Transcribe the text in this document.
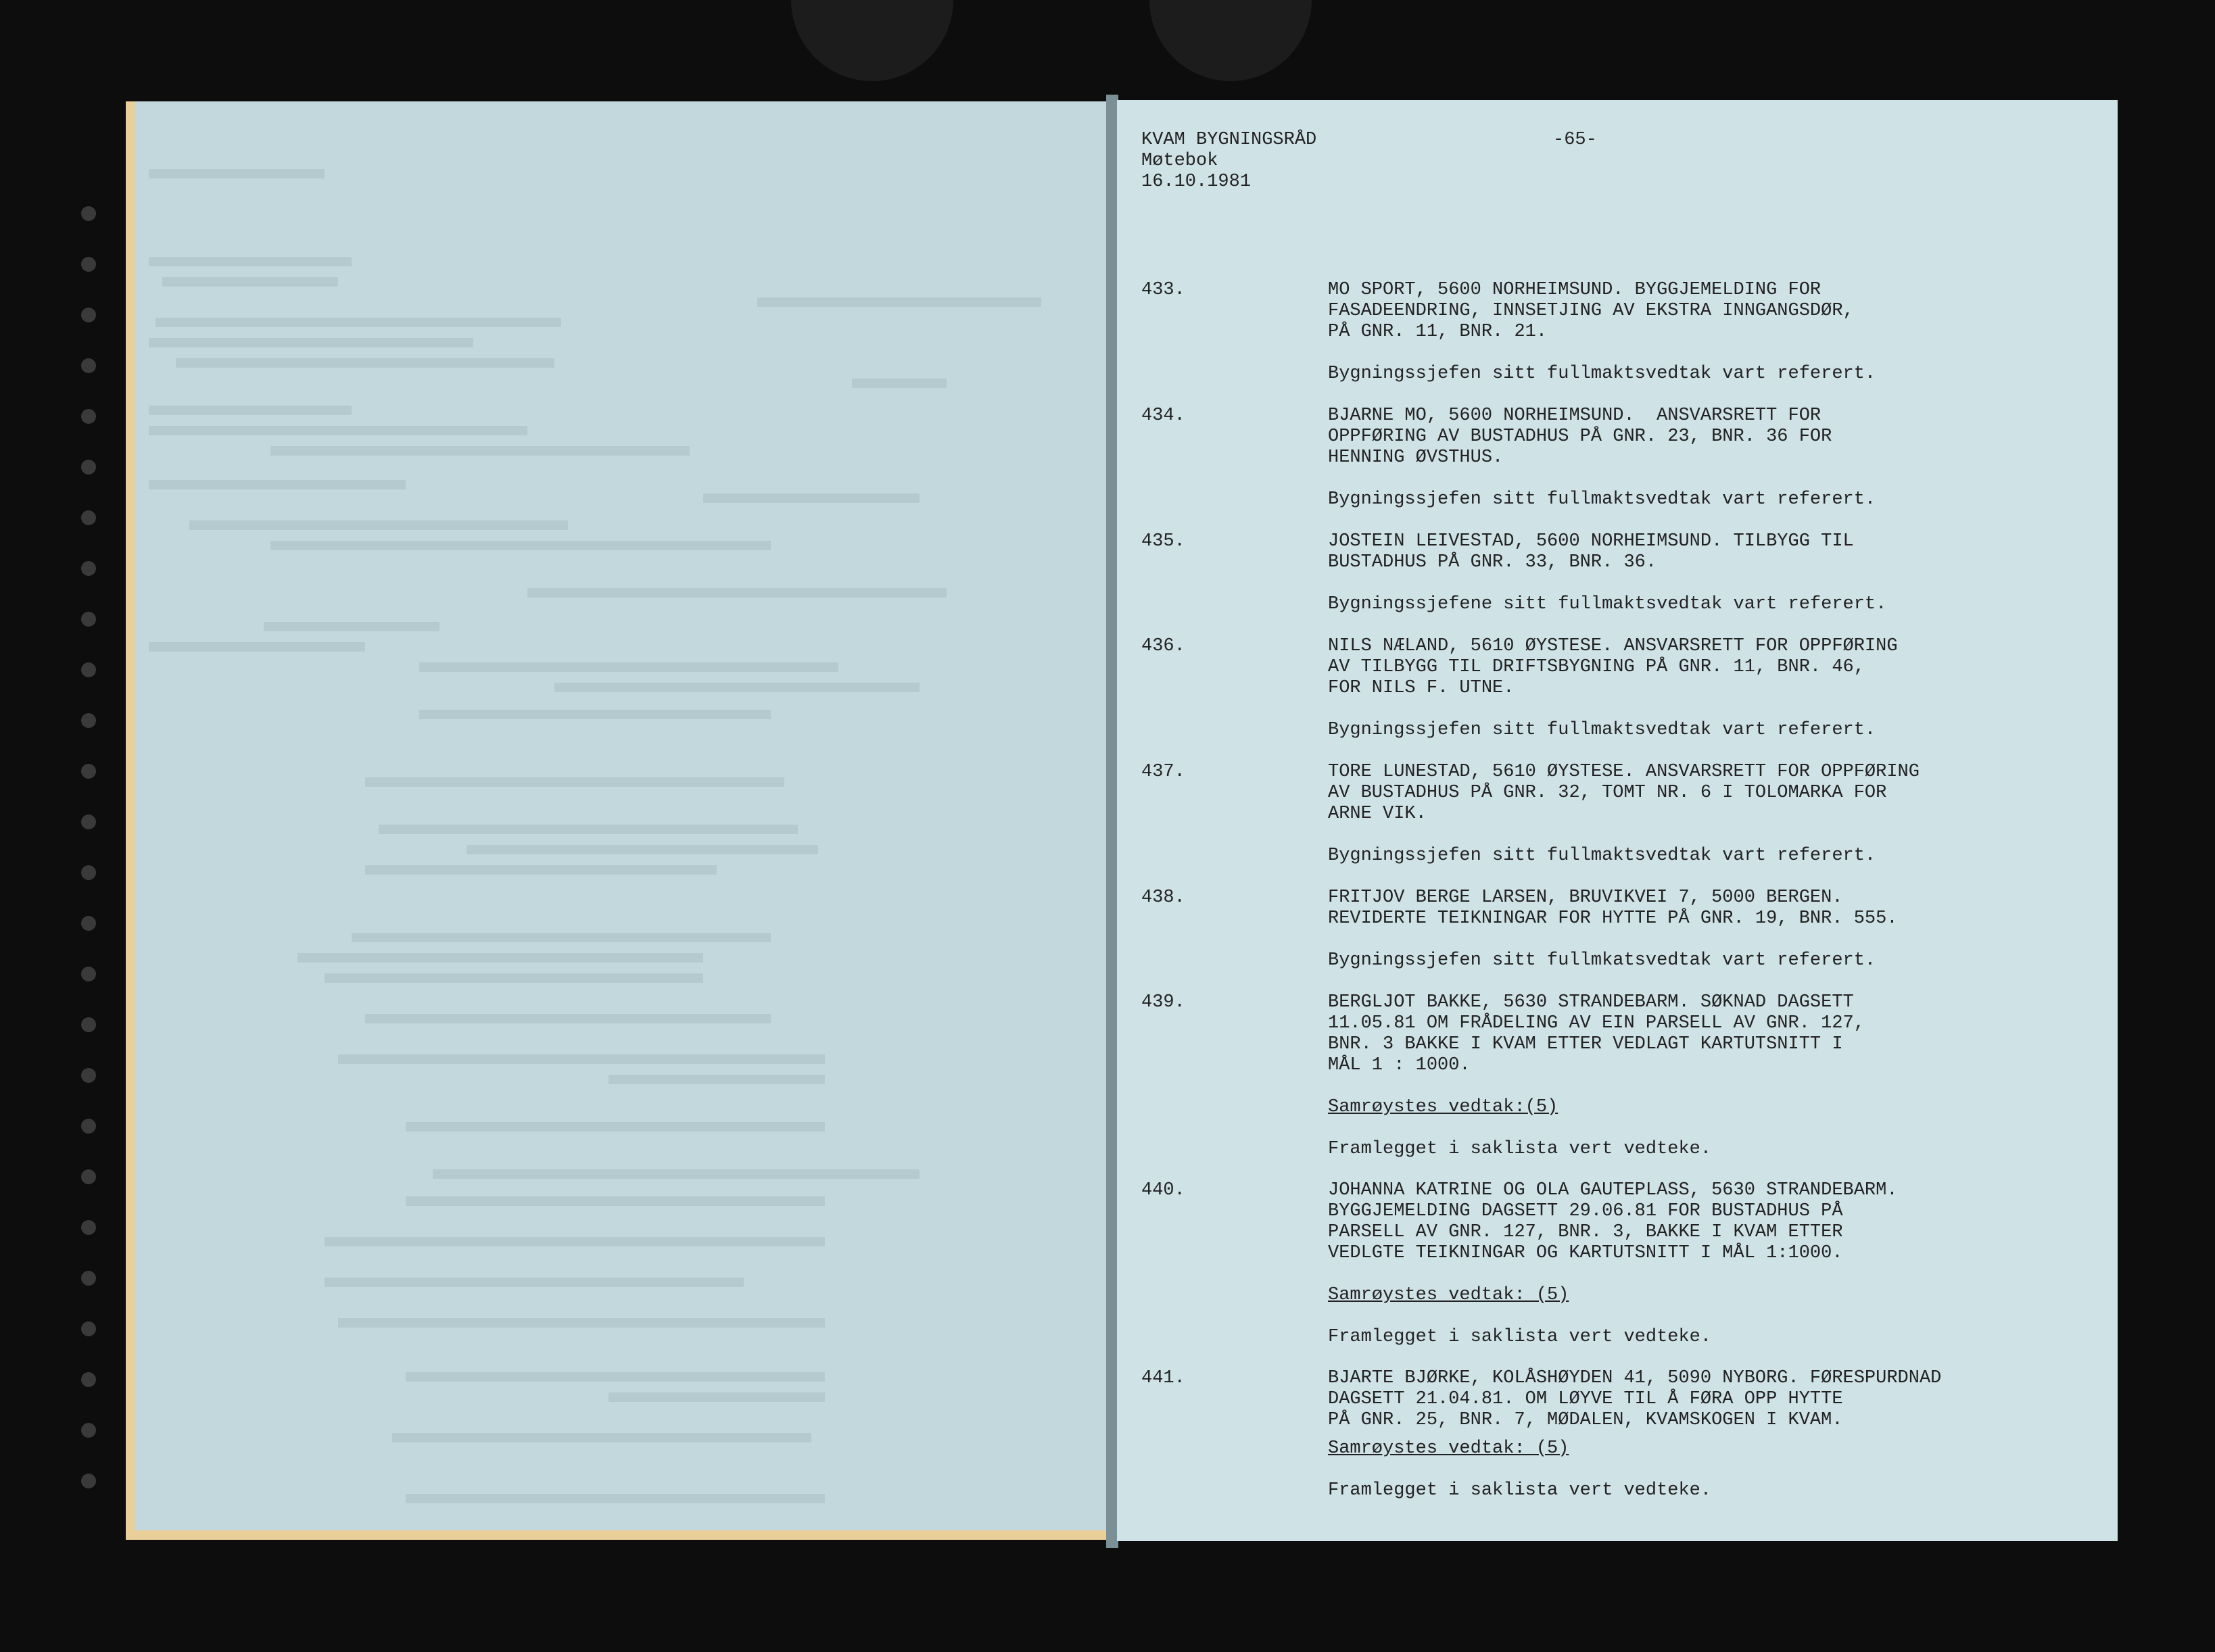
KVAM BYGNINGSRÅD
Møtebok
16.10.1981
-65-
433.	MO SPORT, 5600 NORHEIMSUND. BYGGJEMELDING FOR
FASADEENDRING, INNSETJING AV EKSTRA INNGANGSDØR,
PÅ GNR. 11, BNR. 21.
Bygningssjefen sitt fullmaktsvedtak vart referert.
434.	BJARNE MO, 5600 NORHEIMSUND.  ANSVARSRETT FOR
OPPFØRING AV BUSTADHUS PÅ GNR. 23, BNR. 36 FOR
HENNING ØVSTHUS.
Bygningssjefen sitt fullmaktsvedtak vart referert.
435.	JOSTEIN LEIVESTAD, 5600 NORHEIMSUND. TILBYGG TIL
BUSTADHUS PÅ GNR. 33, BNR. 36.
Bygningssjefene sitt fullmaktsvedtak vart referert.
436.	NILS NÆLAND, 5610 ØYSTESE. ANSVARSRETT FOR OPPFØRING
AV TILBYGG TIL DRIFTSBYGNING PÅ GNR. 11, BNR. 46,
FOR NILS F. UTNE.
Bygningssjefen sitt fullmaktsvedtak vart referert.
437.	TORE LUNESTAD, 5610 ØYSTESE. ANSVARSRETT FOR OPPFØRING
AV BUSTADHUS PÅ GNR. 32, TOMT NR. 6 I TOLOMARKA FOR
ARNE VIK.
Bygningssjefen sitt fullmaktsvedtak vart referert.
438.	FRITJOV BERGE LARSEN, BRUVIKVEI 7, 5000 BERGEN.
REVIDERTE TEIKNINGAR FOR HYTTE PÅ GNR. 19, BNR. 555.
Bygningssjefen sitt fullmkatsvedtak vart referert.
439.	BERGLJOT BAKKE, 5630 STRANDEBARM. SØKNAD DAGSETT
11.05.81 OM FRÅDELING AV EIN PARSELL AV GNR. 127,
BNR. 3 BAKKE I KVAM ETTER VEDLAGT KARTUTSNITT I
MÅL 1 : 1000.
Samrøystes vedtak:(5)
Framlegget i saklista vert vedteke.
440.	JOHANNA KATRINE OG OLA GAUTEPLASS, 5630 STRANDEBARM.
BYGGJEMELDING DAGSETT 29.06.81 FOR BUSTADHUS PÅ
PARSELL AV GNR. 127, BNR. 3, BAKKE I KVAM ETTER
VEDLGTE TEIKNINGAR OG KARTUTSNITT I MÅL 1:1000.
Samrøystes vedtak: (5)
Framlegget i saklista vert vedteke.
441.	BJARTE BJØRKE, KOLÅSHØYDEN 41, 5090 NYBORG. FØRESPURDNAD
DAGSETT 21.04.81. OM LØYVE TIL Å FØRA OPP HYTTE
PÅ GNR. 25, BNR. 7, MØDALEN, KVAMSKOGEN I KVAM.
Samrøystes vedtak: (5)
Framlegget i saklista vert vedteke.
